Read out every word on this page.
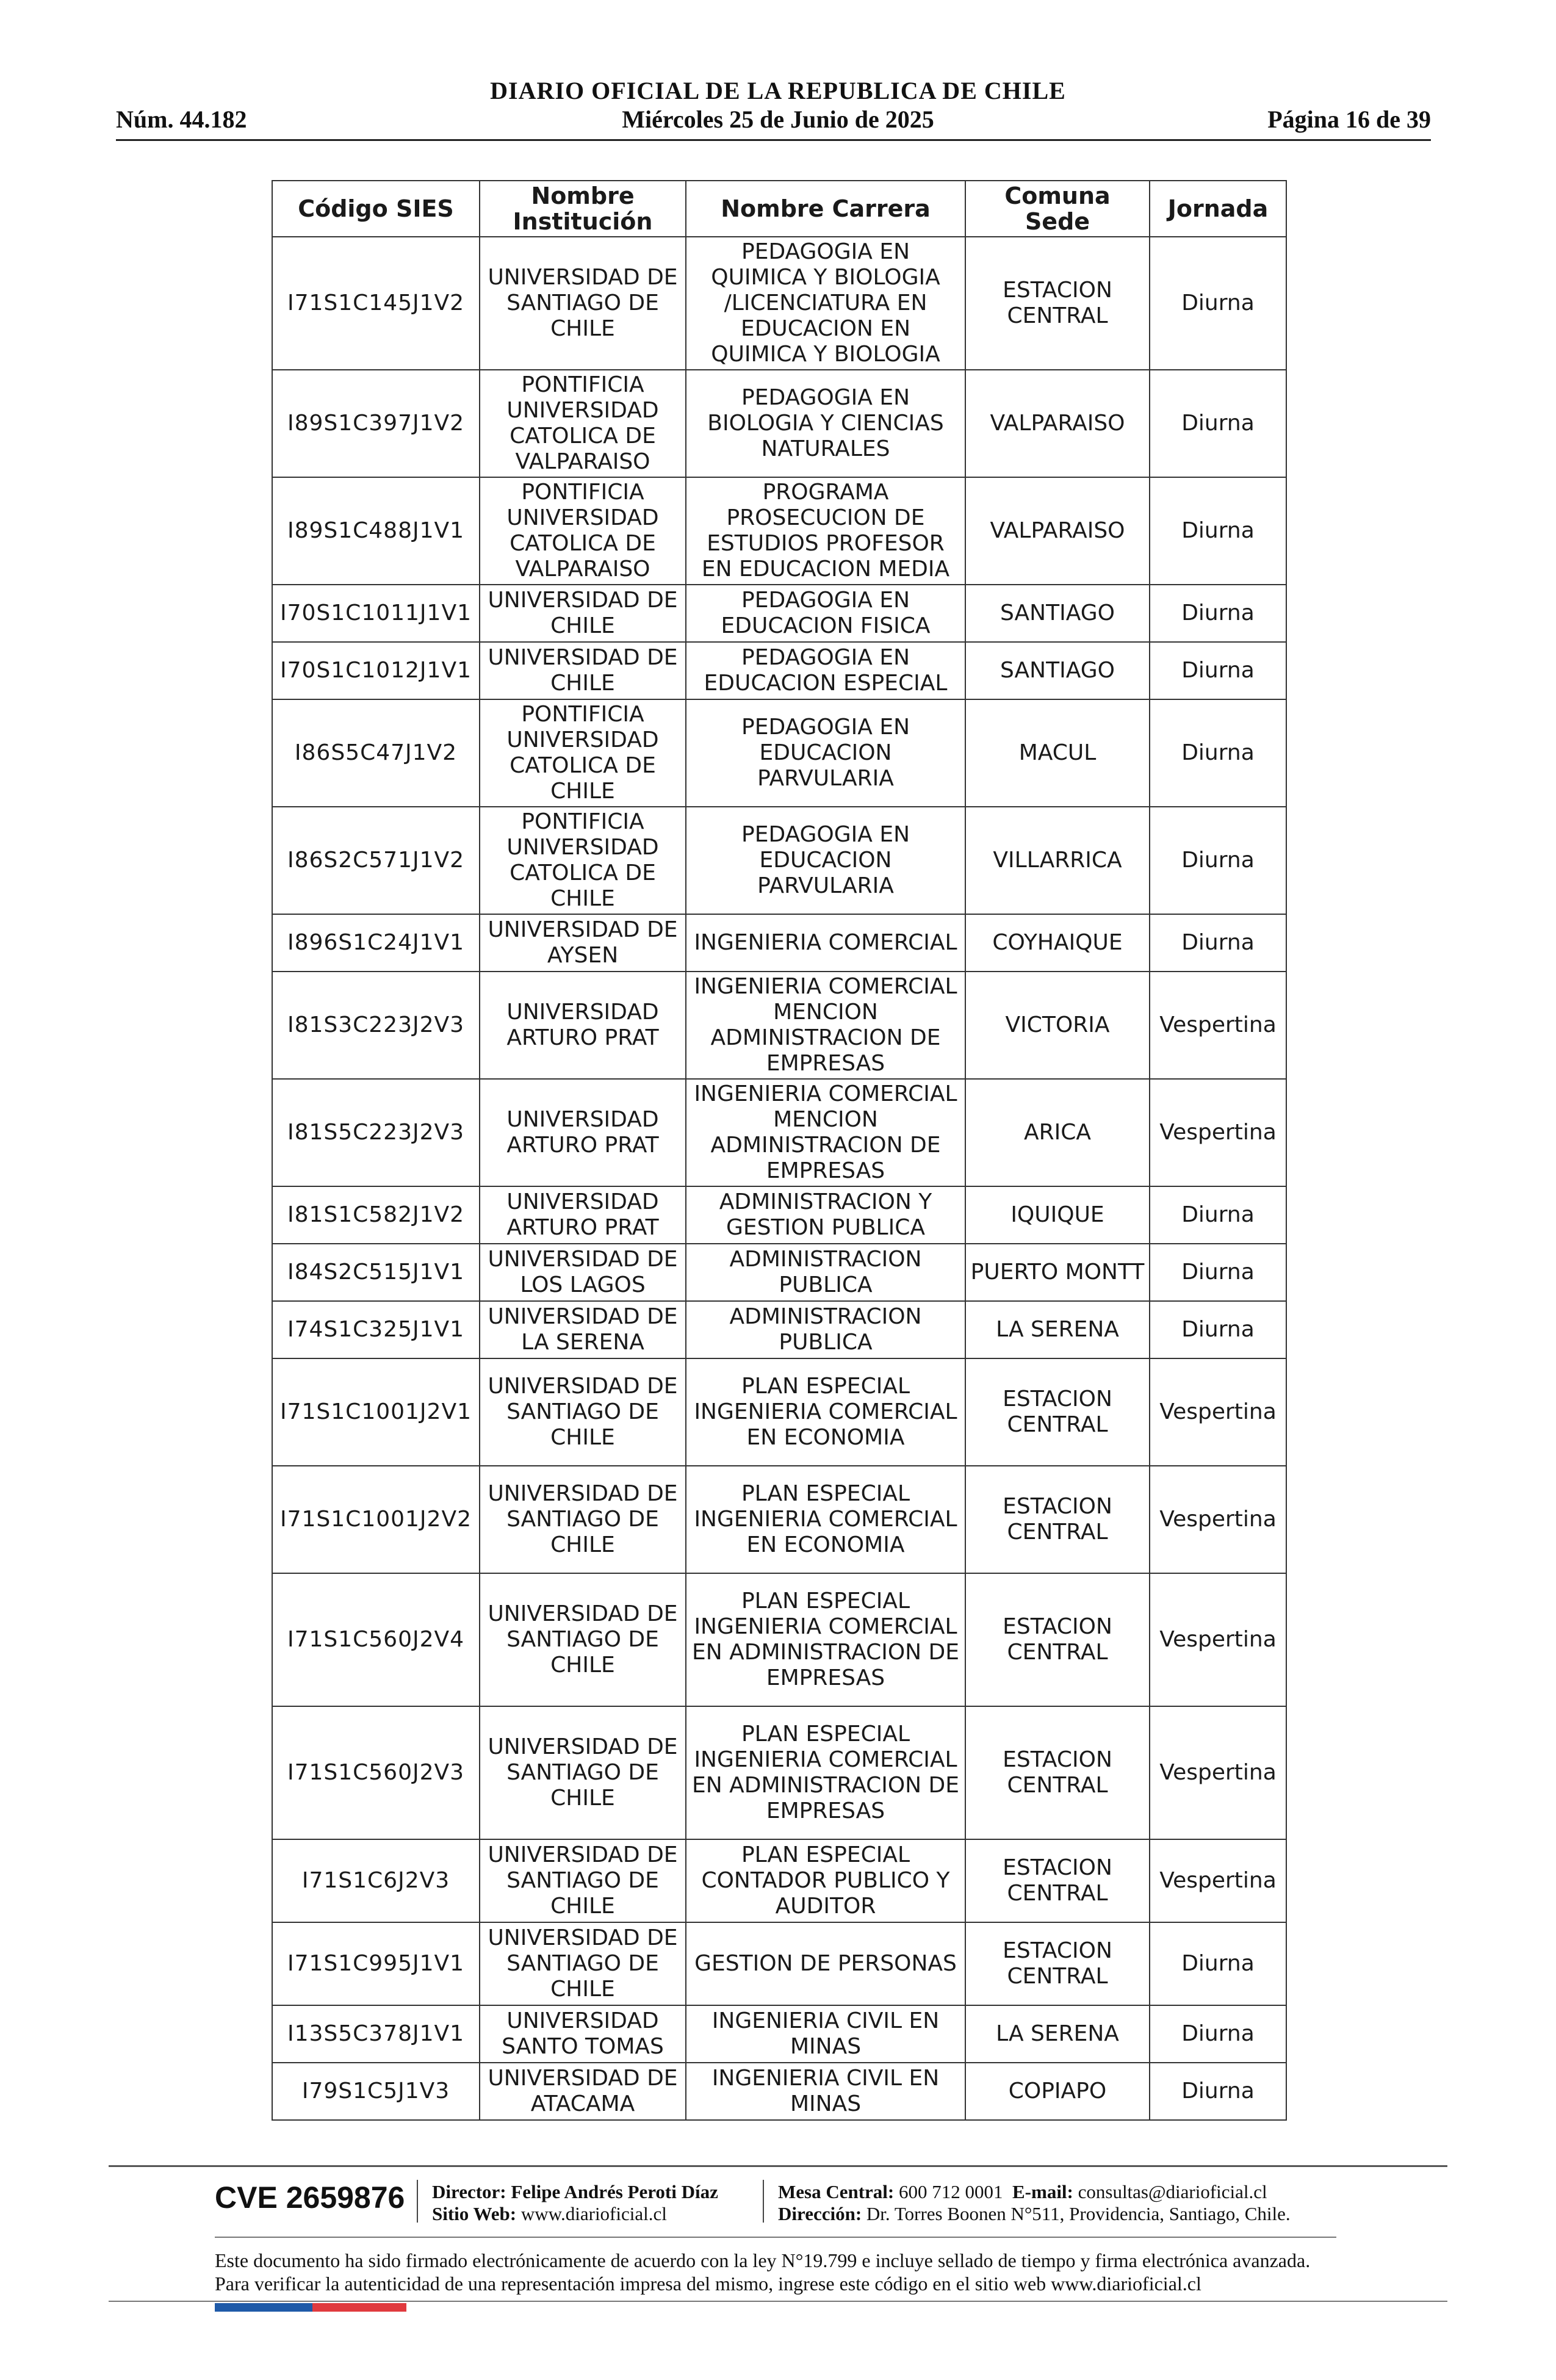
DIARIO OFICIAL DE LA REPUBLICA DE CHILE
Núm. 44.182	Miércoles 25 de Junio de 2025	Página 16 de 39
Código SIES	Nombre Institución	Nombre Carrera	Comuna Sede	Jornada
I71S1C145J1V2	UNIVERSIDAD DE SANTIAGO DE CHILE	PEDAGOGIA EN QUIMICA Y BIOLOGIA /LICENCIATURA EN EDUCACION EN QUIMICA Y BIOLOGIA	ESTACION CENTRAL	Diurna
I89S1C397J1V2	PONTIFICIA UNIVERSIDAD CATOLICA DE VALPARAISO	PEDAGOGIA EN BIOLOGIA Y CIENCIAS NATURALES	VALPARAISO	Diurna
I89S1C488J1V1	PONTIFICIA UNIVERSIDAD CATOLICA DE VALPARAISO	PROGRAMA PROSECUCION DE ESTUDIOS PROFESOR EN EDUCACION MEDIA	VALPARAISO	Diurna
I70S1C1011J1V1	UNIVERSIDAD DE CHILE	PEDAGOGIA EN EDUCACION FISICA	SANTIAGO	Diurna
I70S1C1012J1V1	UNIVERSIDAD DE CHILE	PEDAGOGIA EN EDUCACION ESPECIAL	SANTIAGO	Diurna
I86S5C47J1V2	PONTIFICIA UNIVERSIDAD CATOLICA DE CHILE	PEDAGOGIA EN EDUCACION PARVULARIA	MACUL	Diurna
I86S2C571J1V2	PONTIFICIA UNIVERSIDAD CATOLICA DE CHILE	PEDAGOGIA EN EDUCACION PARVULARIA	VILLARRICA	Diurna
I896S1C24J1V1	UNIVERSIDAD DE AYSEN	INGENIERIA COMERCIAL	COYHAIQUE	Diurna
I81S3C223J2V3	UNIVERSIDAD ARTURO PRAT	INGENIERIA COMERCIAL MENCION ADMINISTRACION DE EMPRESAS	VICTORIA	Vespertina
I81S5C223J2V3	UNIVERSIDAD ARTURO PRAT	INGENIERIA COMERCIAL MENCION ADMINISTRACION DE EMPRESAS	ARICA	Vespertina
I81S1C582J1V2	UNIVERSIDAD ARTURO PRAT	ADMINISTRACION Y GESTION PUBLICA	IQUIQUE	Diurna
I84S2C515J1V1	UNIVERSIDAD DE LOS LAGOS	ADMINISTRACION PUBLICA	PUERTO MONTT	Diurna
I74S1C325J1V1	UNIVERSIDAD DE LA SERENA	ADMINISTRACION PUBLICA	LA SERENA	Diurna
I71S1C1001J2V1	UNIVERSIDAD DE SANTIAGO DE CHILE	PLAN ESPECIAL INGENIERIA COMERCIAL EN ECONOMIA	ESTACION CENTRAL	Vespertina
I71S1C1001J2V2	UNIVERSIDAD DE SANTIAGO DE CHILE	PLAN ESPECIAL INGENIERIA COMERCIAL EN ECONOMIA	ESTACION CENTRAL	Vespertina
I71S1C560J2V4	UNIVERSIDAD DE SANTIAGO DE CHILE	PLAN ESPECIAL INGENIERIA COMERCIAL EN ADMINISTRACION DE EMPRESAS	ESTACION CENTRAL	Vespertina
I71S1C560J2V3	UNIVERSIDAD DE SANTIAGO DE CHILE	PLAN ESPECIAL INGENIERIA COMERCIAL EN ADMINISTRACION DE EMPRESAS	ESTACION CENTRAL	Vespertina
I71S1C6J2V3	UNIVERSIDAD DE SANTIAGO DE CHILE	PLAN ESPECIAL CONTADOR PUBLICO Y AUDITOR	ESTACION CENTRAL	Vespertina
I71S1C995J1V1	UNIVERSIDAD DE SANTIAGO DE CHILE	GESTION DE PERSONAS	ESTACION CENTRAL	Diurna
I13S5C378J1V1	UNIVERSIDAD SANTO TOMAS	INGENIERIA CIVIL EN MINAS	LA SERENA	Diurna
I79S1C5J1V3	UNIVERSIDAD DE ATACAMA	INGENIERIA CIVIL EN MINAS	COPIAPO	Diurna
CVE 2659876 Director: Felipe Andrés Peroti Díaz
Sitio Web: www.diarioficial.cl
Mesa Central: 600 712 0001 E-mail: consultas@diarioficial.cl
Dirección: Dr. Torres Boonen N°511, Providencia, Santiago, Chile.
Este documento ha sido firmado electrónicamente de acuerdo con la ley N°19.799 e incluye sellado de tiempo y firma electrónica avanzada. Para verificar la autenticidad de una representación impresa del mismo, ingrese este código en el sitio web www.diarioficial.cl
